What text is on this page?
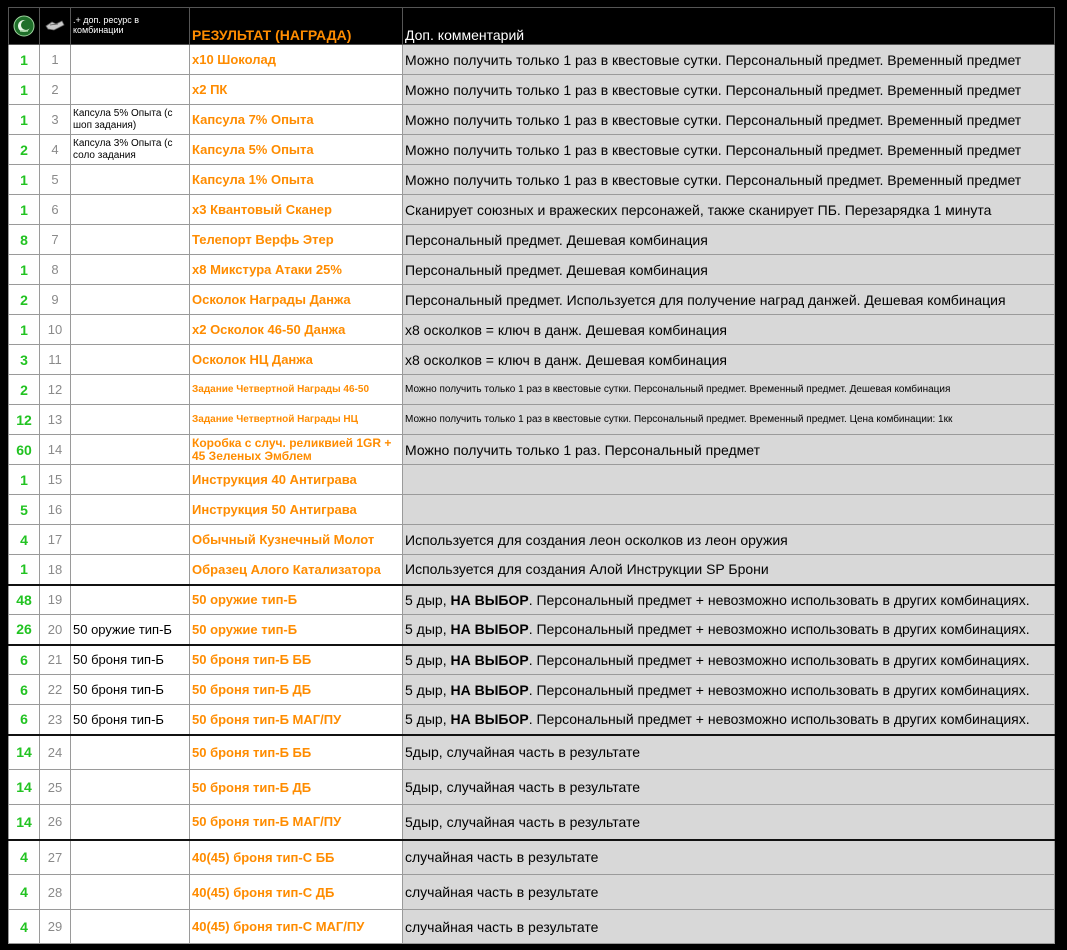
		.+ доп. ресурс в комбинации	РЕЗУЛЬТАТ (НАГРАДА)	Доп. комментарий
1	1		x10 Шоколад	Можно получить только 1 раз в квестовые сутки. Персональный предмет. Временный предмет
1	2		x2 ПК	Можно получить только 1 раз в квестовые сутки. Персональный предмет. Временный предмет
1	3	Капсула 5% Опыта (с шоп задания)	Капсула 7% Опыта	Можно получить только 1 раз в квестовые сутки. Персональный предмет. Временный предмет
2	4	Капсула 3% Опыта (с соло задания	Капсула 5% Опыта	Можно получить только 1 раз в квестовые сутки. Персональный предмет. Временный предмет
1	5		Капсула 1% Опыта	Можно получить только 1 раз в квестовые сутки. Персональный предмет. Временный предмет
1	6		x3 Квантовый Сканер	Сканирует союзных и вражеских персонажей, также сканирует ПБ. Перезарядка 1 минута
8	7		Телепорт Верфь Этер	Персональный предмет. Дешевая комбинация
1	8		x8 Микстура Атаки 25%	Персональный предмет. Дешевая комбинация
2	9		Осколок Награды Данжа	Персональный предмет. Используется для получение наград данжей. Дешевая комбинация
1	10		x2 Осколок 46-50 Данжа	x8 осколков = ключ в данж. Дешевая комбинация
3	11		Осколок НЦ Данжа	x8 осколков = ключ в данж. Дешевая комбинация
2	12		Задание Четвертной Награды 46-50	Можно получить только 1 раз в квестовые сутки. Персональный предмет. Временный предмет. Дешевая комбинация
12	13		Задание Четвертной Награды НЦ	Можно получить только 1 раз в квестовые сутки. Персональный предмет. Временный предмет. Цена комбинации: 1кк
60	14		Коробка с случ. реликвией 1GR + 45 Зеленых Эмблем	Можно получить только 1 раз. Персональный предмет
1	15		Инструкция 40 Антиграва	
5	16		Инструкция 50 Антиграва	
4	17		Обычный Кузнечный Молот	Используется для создания леон осколков из леон оружия
1	18		Образец Алого Катализатора	Используется для создания Алой Инструкции SP Брони
48	19		50 оружие тип-Б	5 дыр, НА ВЫБОР. Персональный предмет + невозможно использовать в других комбинациях.
26	20	50 оружие тип-Б	50 оружие тип-Б	5 дыр, НА ВЫБОР. Персональный предмет + невозможно использовать в других комбинациях.
6	21	50 броня тип-Б	50 броня тип-Б ББ	5 дыр, НА ВЫБОР. Персональный предмет + невозможно использовать в других комбинациях.
6	22	50 броня тип-Б	50 броня тип-Б ДБ	5 дыр, НА ВЫБОР. Персональный предмет + невозможно использовать в других комбинациях.
6	23	50 броня тип-Б	50 броня тип-Б МАГ/ПУ	5 дыр, НА ВЫБОР. Персональный предмет + невозможно использовать в других комбинациях.
14	24		50 броня тип-Б ББ	5дыр, случайная часть в результате
14	25		50 броня тип-Б ДБ	5дыр, случайная часть в результате
14	26		50 броня тип-Б МАГ/ПУ	5дыр, случайная часть в результате
4	27		40(45) броня тип-С ББ	случайная часть в результате
4	28		40(45) броня тип-С ДБ	случайная часть в результате
4	29		40(45) броня тип-С МАГ/ПУ	случайная часть в результате
